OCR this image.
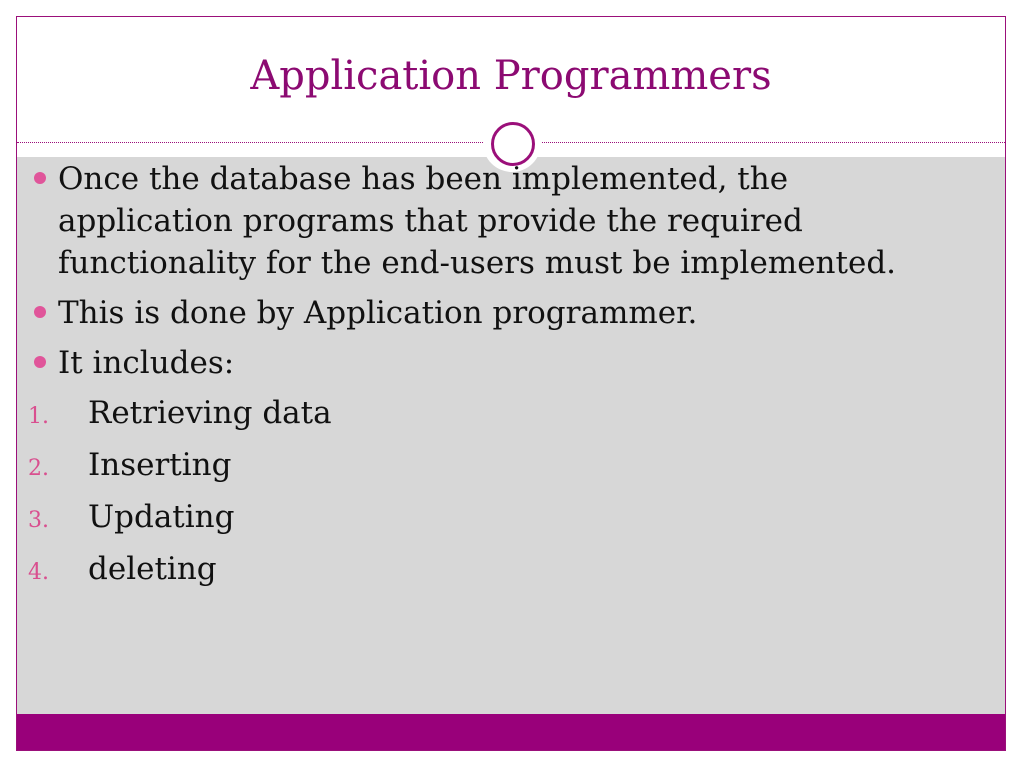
Application Programmers

Once the database has been implemented, the application programs that provide the required functionality for the end-users must be implemented.

This is done by Application programmer.

It includes:

1. Retrieving data

2. Inserting

3. Updating

4. deleting
